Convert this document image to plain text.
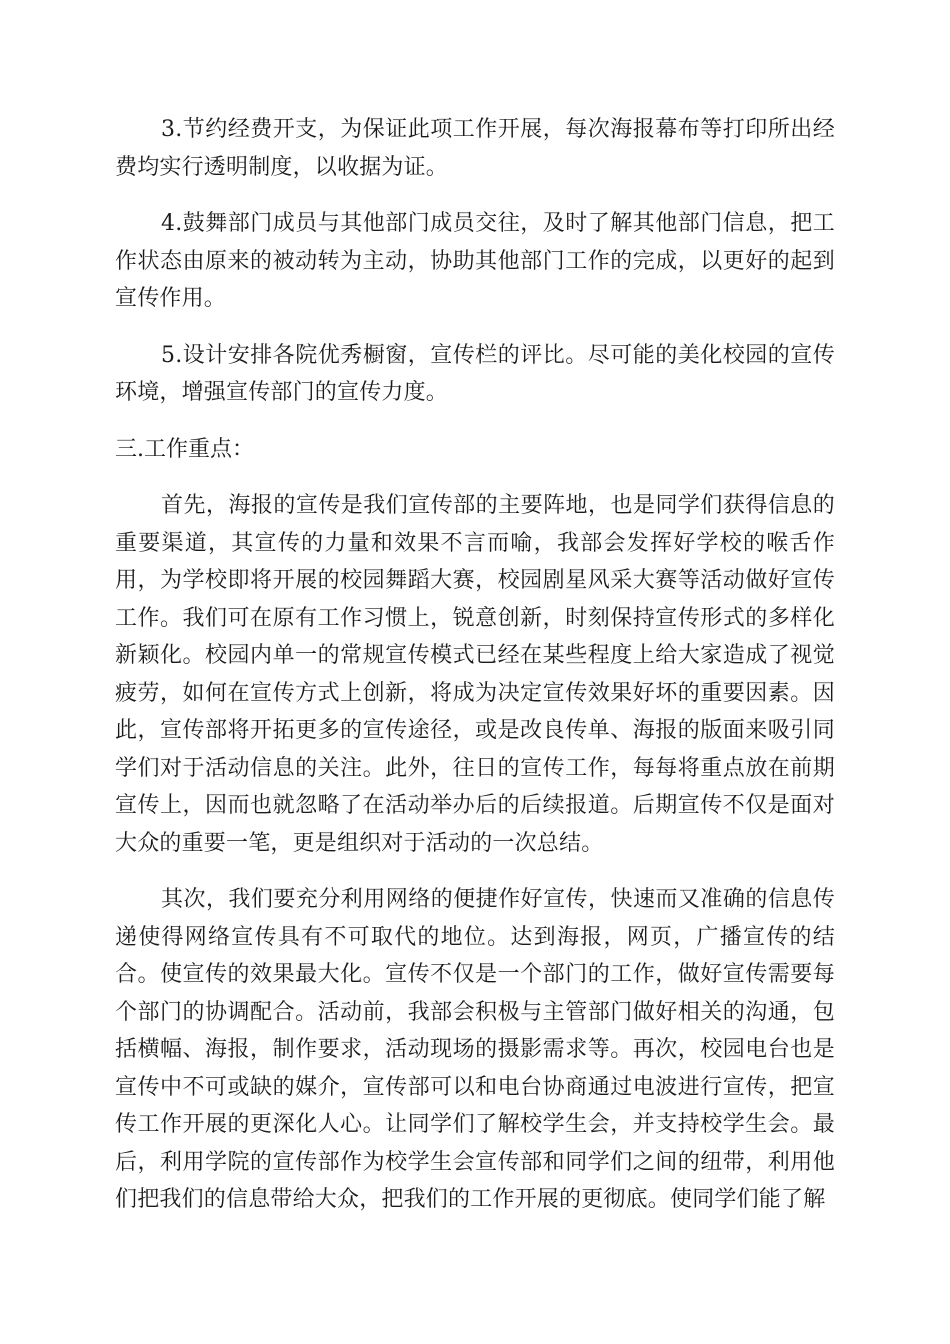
3.节约经费开支，为保证此项工作开展，每次海报幕布等打印所出经费均实行透明制度，以收据为证。

4.鼓舞部门成员与其他部门成员交往，及时了解其他部门信息，把工作状态由原来的被动转为主动，协助其他部门工作的完成，以更好的起到宣传作用。

5.设计安排各院优秀橱窗，宣传栏的评比。尽可能的美化校园的宣传环境，增强宣传部门的宣传力度。

三.工作重点：

首先，海报的宣传是我们宣传部的主要阵地，也是同学们获得信息的重要渠道，其宣传的力量和效果不言而喻，我部会发挥好学校的喉舌作用，为学校即将开展的校园舞蹈大赛，校园剧星风采大赛等活动做好宣传工作。我们可在原有工作习惯上，锐意创新，时刻保持宣传形式的多样化新颖化。校园内单一的常规宣传模式已经在某些程度上给大家造成了视觉疲劳，如何在宣传方式上创新，将成为决定宣传效果好坏的重要因素。因此，宣传部将开拓更多的宣传途径，或是改良传单、海报的版面来吸引同学们对于活动信息的关注。此外，往日的宣传工作，每每将重点放在前期宣传上，因而也就忽略了在活动举办后的后续报道。后期宣传不仅是面对大众的重要一笔，更是组织对于活动的一次总结。

其次，我们要充分利用网络的便捷作好宣传，快速而又准确的信息传递使得网络宣传具有不可取代的地位。达到海报，网页，广播宣传的结合。使宣传的效果最大化。宣传不仅是一个部门的工作，做好宣传需要每个部门的协调配合。活动前，我部会积极与主管部门做好相关的沟通，包括横幅、海报，制作要求，活动现场的摄影需求等。再次，校园电台也是宣传中不可或缺的媒介，宣传部可以和电台协商通过电波进行宣传，把宣传工作开展的更深化人心。让同学们了解校学生会，并支持校学生会。最后，利用学院的宣传部作为校学生会宣传部和同学们之间的纽带，利用他们把我们的信息带给大众，把我们的工作开展的更彻底。使同学们能了解
